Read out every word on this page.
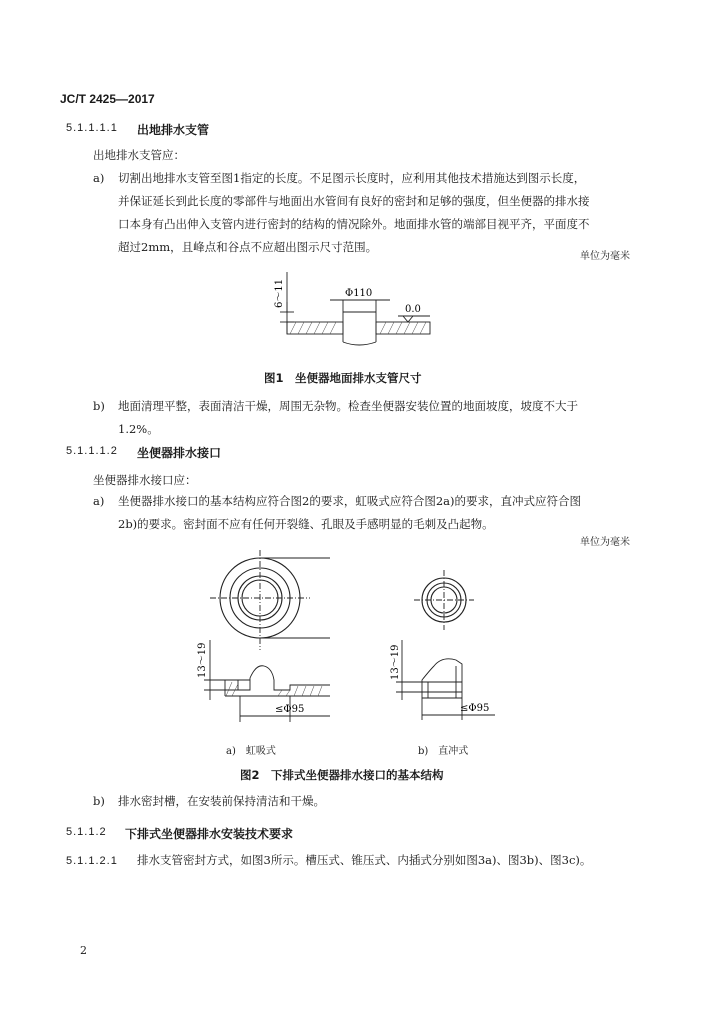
JC/T 2425—2017
5.1.1.1.1 出地排水支管
出地排水支管应：
a) 切割出地排水支管至图1指定的长度。不足图示长度时，应利用其他技术措施达到图示长度，
并保证延长到此长度的零部件与地面出水管间有良好的密封和足够的强度，但坐便器的排水接
口本身有凸出伸入支管内进行密封的结构的情况除外。地面排水管的端部目视平齐，平面度不
超过2mm，且峰点和谷点不应超出图示尺寸范围。
单位为毫米
6～11	Φ110
0.0
图1　坐便器地面排水支管尺寸
b) 地面清理平整，表面清洁干燥，周围无杂物。检查坐便器安装位置的地面坡度，坡度不大于
1.2%。
5.1.1.1.2 坐便器排水接口
坐便器排水接口应：
a) 坐便器排水接口的基本结构应符合图2的要求，虹吸式应符合图2a)的要求，直冲式应符合图
2b)的要求。密封面不应有任何开裂缝、孔眼及手感明显的毛刺及凸起物。
单位为毫米
13～19
≤Φ95
a)　虹吸式
13～19
≤Φ95
b)　直冲式
图2　下排式坐便器排水接口的基本结构
b) 排水密封槽，在安装前保持清洁和干燥。
5.1.1.2 下排式坐便器排水安装技术要求
5.1.1.2.1 排水支管密封方式，如图3所示。槽压式、锥压式、内插式分别如图3a)、图3b)、图3c)。
2
